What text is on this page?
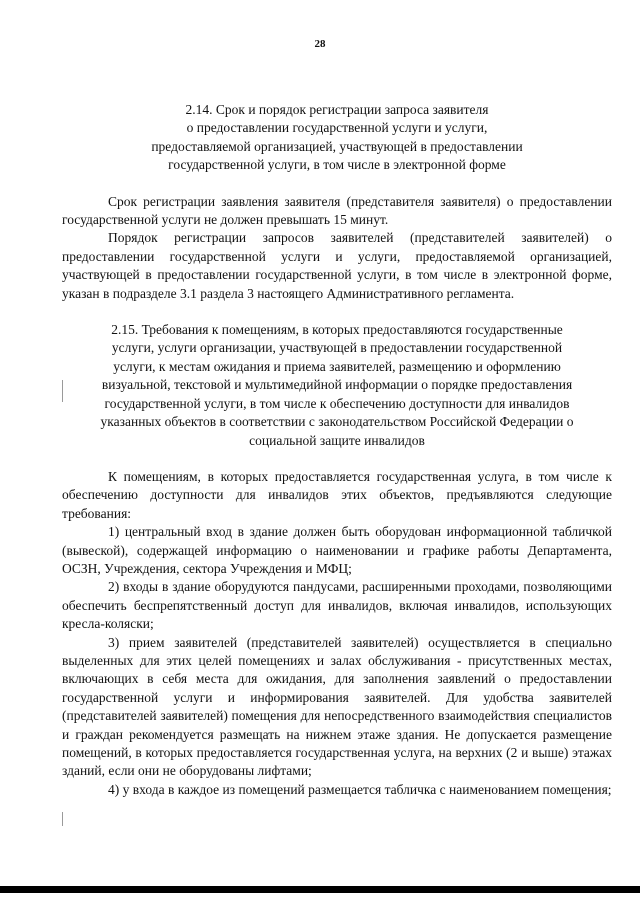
28
2.14. Срок и порядок регистрации запроса заявителя
о предоставлении государственной услуги и услуги,
предоставляемой организацией, участвующей в предоставлении
государственной услуги, в том числе в электронной форме

Срок регистрации заявления заявителя (представителя заявителя) о предоставлении государственной услуги не должен превышать 15 минут.

Порядок регистрации запросов заявителей (представителей заявителей) о предоставлении государственной услуги и услуги, предоставляемой организацией, участвующей в предоставлении государственной услуги, в том числе в электронной форме, указан в подразделе 3.1 раздела 3 настоящего Административного регламента.

2.15. Требования к помещениям, в которых предоставляются государственные
услуги, услуги организации, участвующей в предоставлении государственной
услуги, к местам ожидания и приема заявителей, размещению и оформлению
визуальной, текстовой и мультимедийной информации о порядке предоставления
государственной услуги, в том числе к обеспечению доступности для инвалидов
указанных объектов в соответствии с законодательством Российской Федерации о
социальной защите инвалидов

К помещениям, в которых предоставляется государственная услуга, в том числе к обеспечению доступности для инвалидов этих объектов, предъявляются следующие требования:

1) центральный вход в здание должен быть оборудован информационной табличкой (вывеской), содержащей информацию о наименовании и графике работы Департамента, ОСЗН, Учреждения, сектора Учреждения и МФЦ;

2) входы в здание оборудуются пандусами, расширенными проходами, позволяющими обеспечить беспрепятственный доступ для инвалидов, включая инвалидов, использующих кресла-коляски;

3) прием заявителей (представителей заявителей) осуществляется в специально выделенных для этих целей помещениях и залах обслуживания - присутственных местах, включающих в себя места для ожидания, для заполнения заявлений о предоставлении государственной услуги и информирования заявителей. Для удобства заявителей (представителей заявителей) помещения для непосредственного взаимодействия специалистов и граждан рекомендуется размещать на нижнем этаже здания. Не допускается размещение помещений, в которых предоставляется государственная услуга, на верхних (2 и выше) этажах зданий, если они не оборудованы лифтами;

4) у входа в каждое из помещений размещается табличка с наименованием помещения;
